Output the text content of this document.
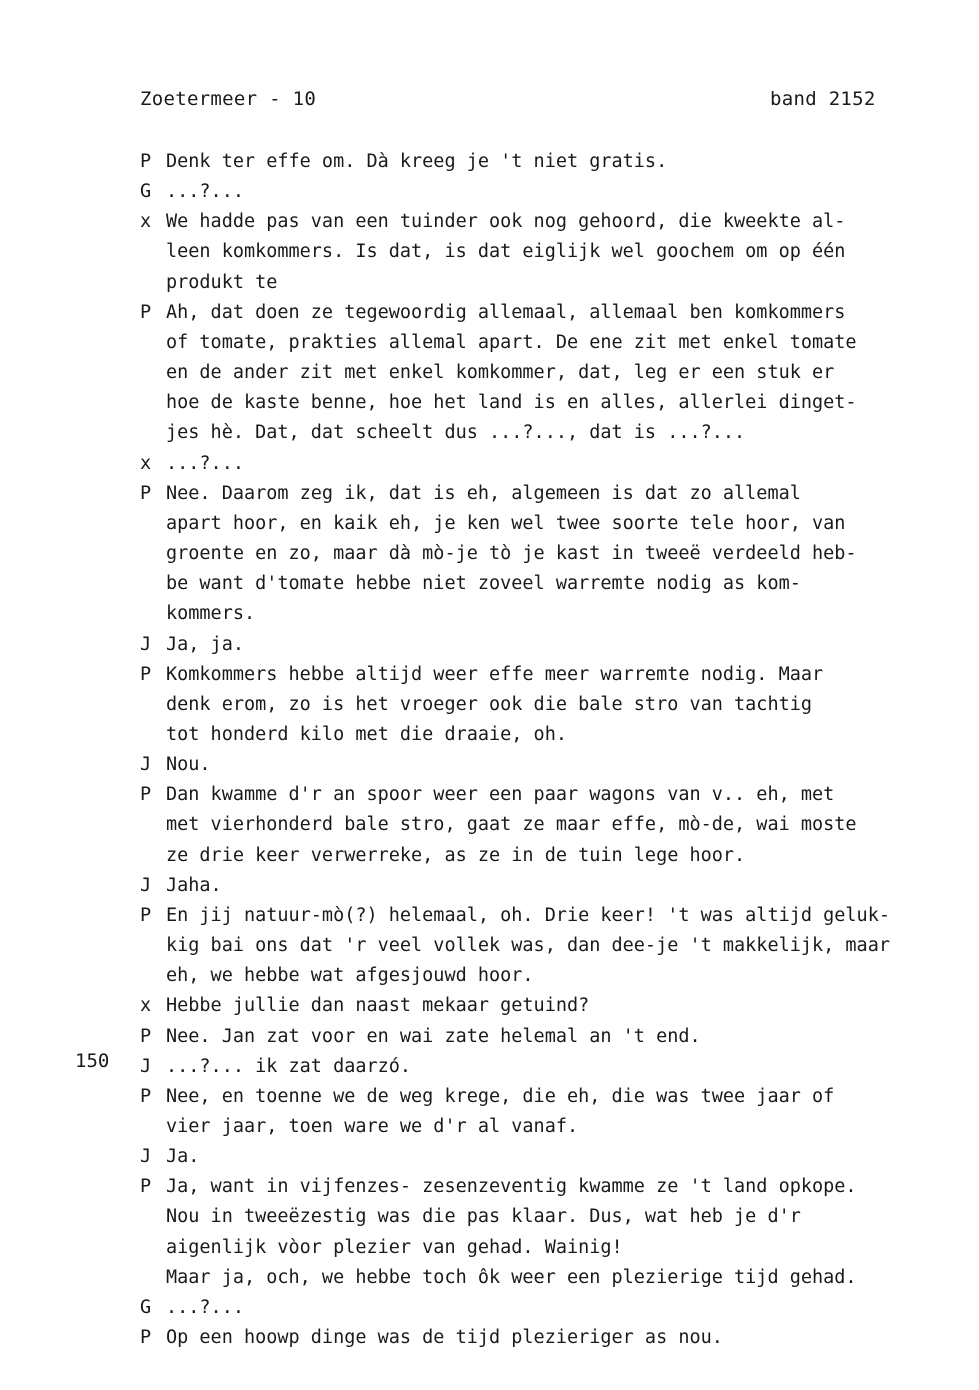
Zoetermeer - 10	band 2152
150
P Denk ter effe om. Dà kreeg je 't niet gratis.
G ...?...
x We hadde pas van een tuinder ook nog gehoord, die kweekte al-
leen komkommers. Is dat, is dat eiglijk wel goochem om op één
produkt te
P Ah, dat doen ze tegewoordig allemaal, allemaal ben komkommers
of tomate, prakties allemal apart. De ene zit met enkel tomate
en de ander zit met enkel komkommer, dat, leg er een stuk er
hoe de kaste benne, hoe het land is en alles, allerlei dinget-
jes hè. Dat, dat scheelt dus ...?..., dat is ...?...
x ...?...
P Nee. Daarom zeg ik, dat is eh, algemeen is dat zo allemal
apart hoor, en kaik eh, je ken wel twee soorte tele hoor, van
groente en zo, maar dà mò-je tò je kast in tweeë verdeeld heb-
be want d'tomate hebbe niet zoveel warremte nodig as kom-
kommers.
J Ja, ja.
P Komkommers hebbe altijd weer effe meer warremte nodig. Maar
denk erom, zo is het vroeger ook die bale stro van tachtig
tot honderd kilo met die draaie, oh.
J Nou.
P Dan kwamme d'r an spoor weer een paar wagons van v.. eh, met
met vierhonderd bale stro, gaat ze maar effe, mò-de, wai moste
ze drie keer verwerreke, as ze in de tuin lege hoor.
J Jaha.
P En jij natuur-mò(?) helemaal, oh. Drie keer! 't was altijd geluk-
kig bai ons dat 'r veel vollek was, dan dee-je 't makkelijk, maar
eh, we hebbe wat afgesjouwd hoor.
x Hebbe jullie dan naast mekaar getuind?
P Nee. Jan zat voor en wai zate helemal an 't end.
J ...?... ik zat daarzó.
P Nee, en toenne we de weg krege, die eh, die was twee jaar of
vier jaar, toen ware we d'r al vanaf.
J Ja.
P Ja, want in vijfenzes- zesenzeventig kwamme ze 't land opkope.
Nou in tweeëzestig was die pas klaar. Dus, wat heb je d'r
aigenlijk vòor plezier van gehad. Wainig!
Maar ja, och, we hebbe toch ôk weer een plezierige tijd gehad.
G ...?...
P Op een hoowp dinge was de tijd plezieriger as nou.
